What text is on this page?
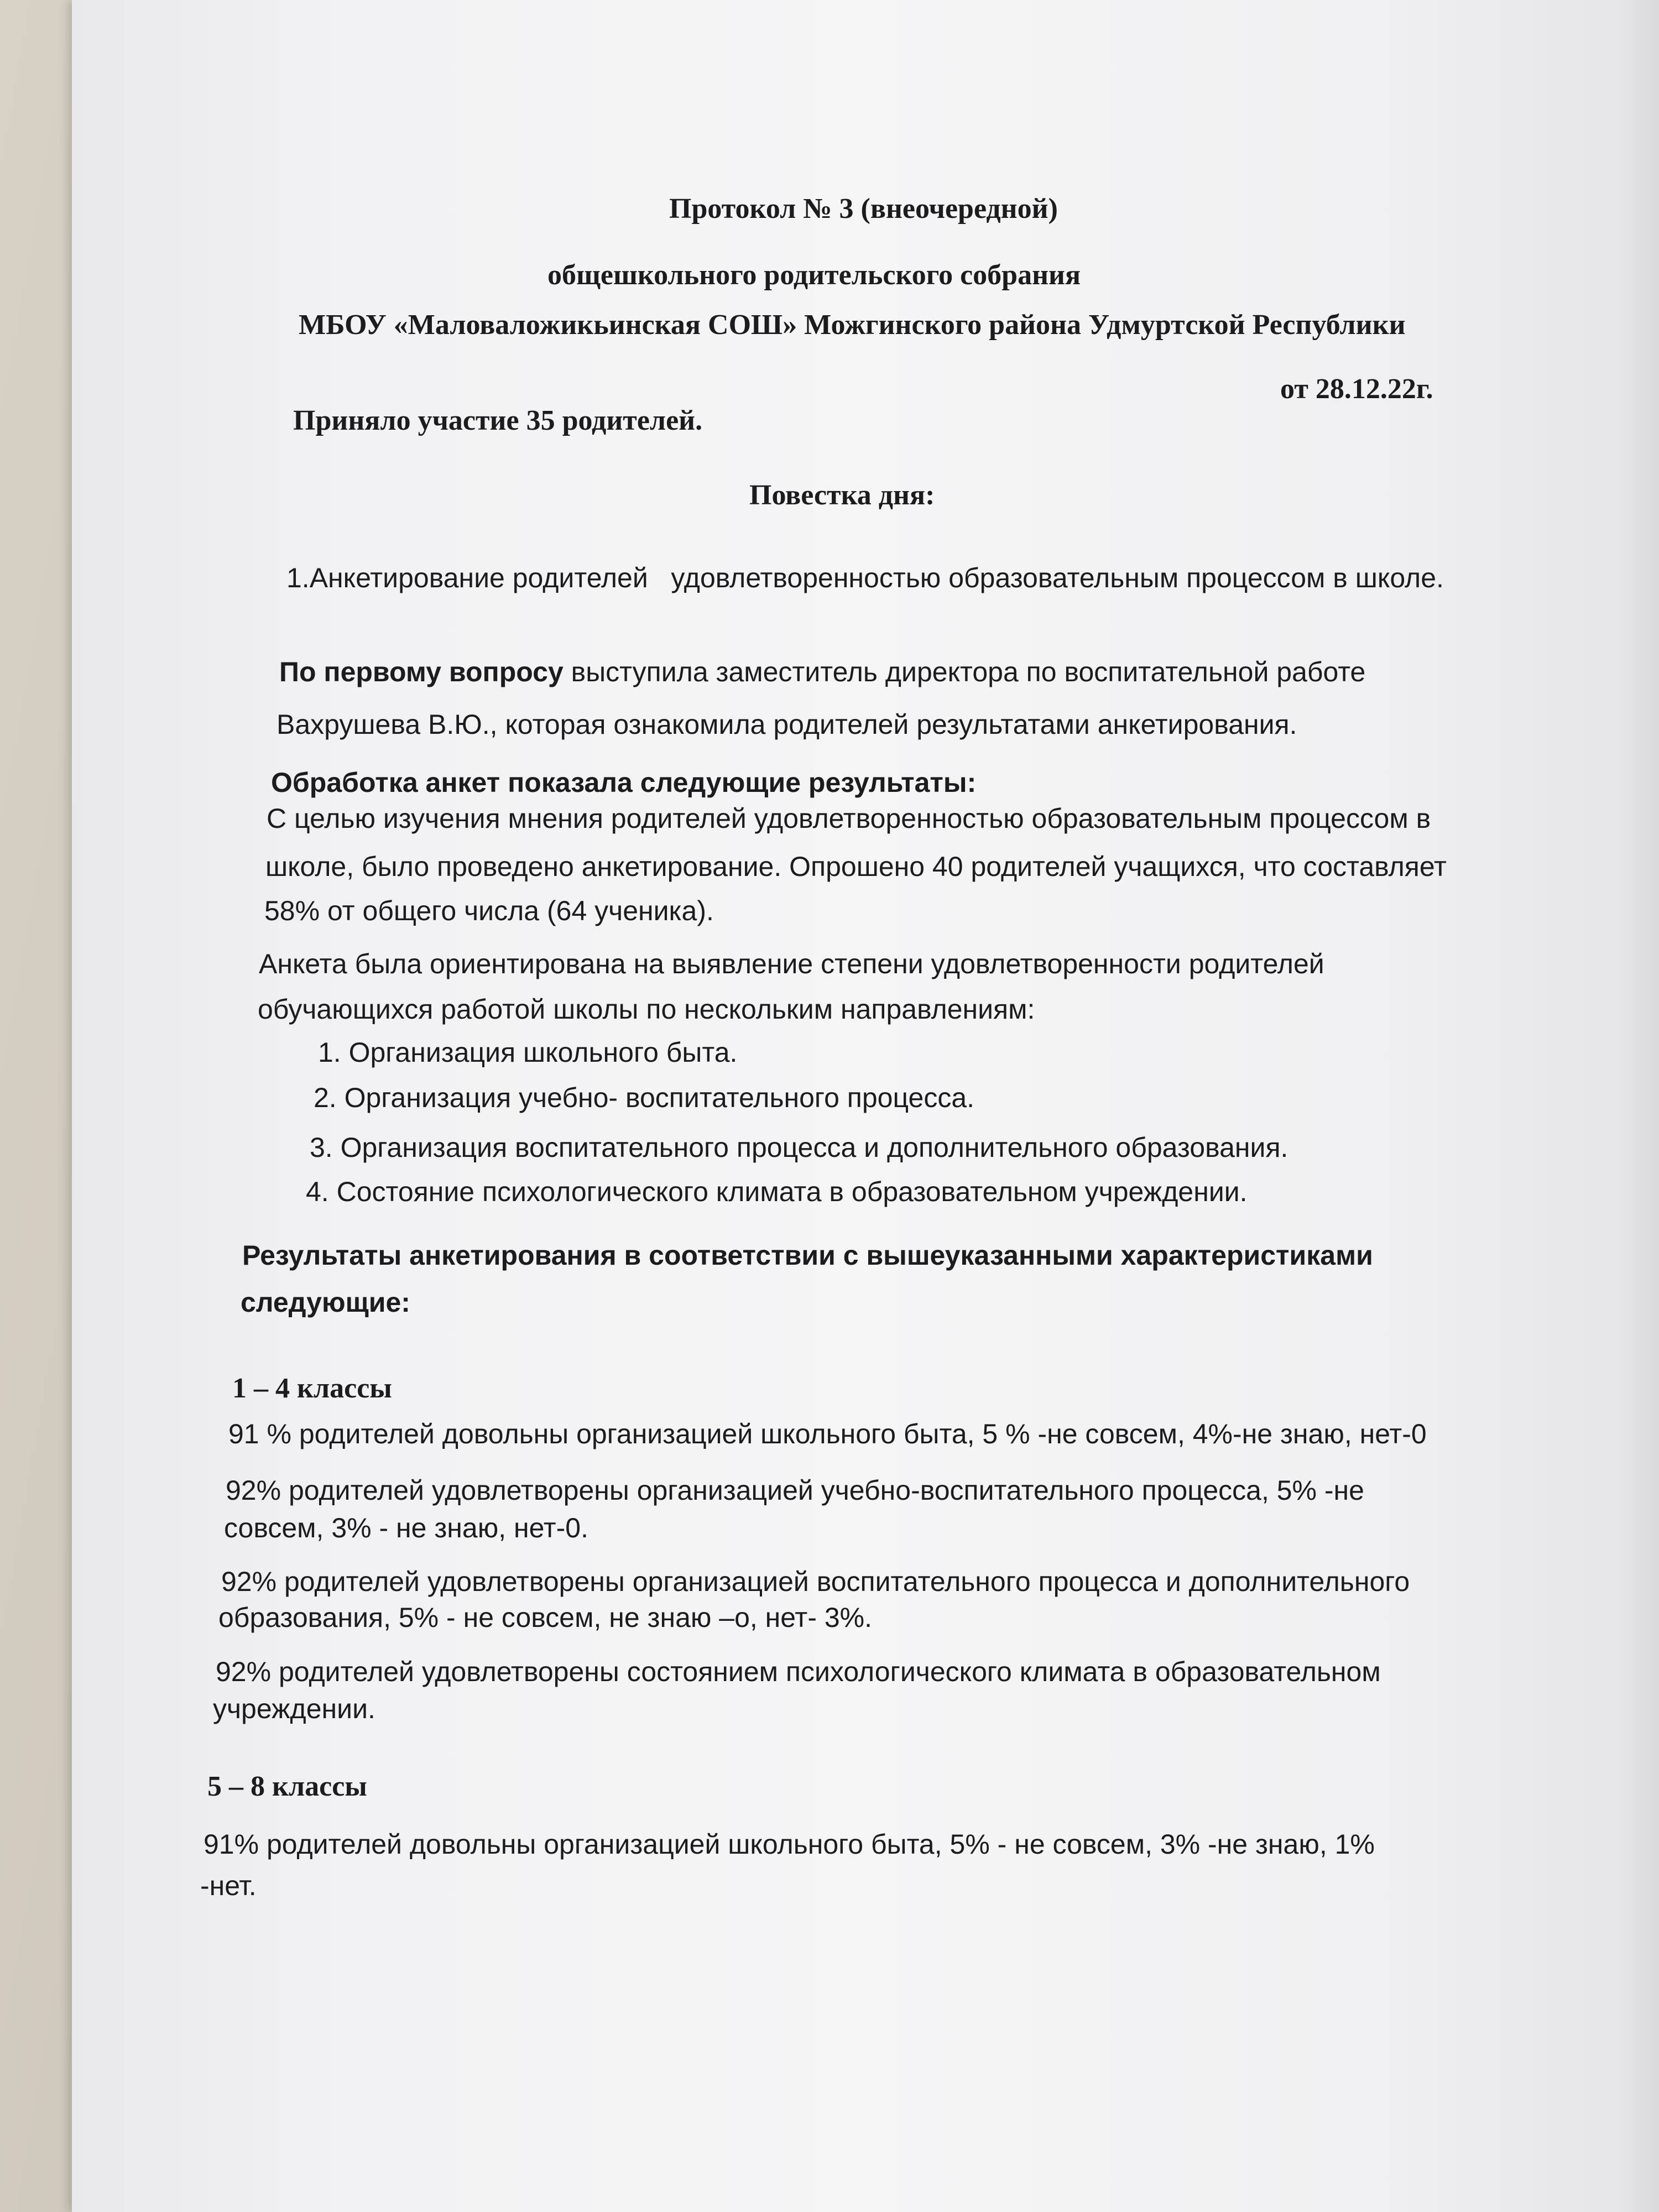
Протокол № 3 (внеочередной)
общешкольного родительского собрания
МБОУ «Маловаложикьинская СОШ» Можгинского района Удмуртской Республики
от 28.12.22г.
Приняло участие 35 родителей.
Повестка дня:
1.Анкетирование родителей   удовлетворенностью образовательным процессом в школе.
По первому вопросу выступила заместитель директора по воспитательной работе
Вахрушева В.Ю., которая ознакомила родителей результатами анкетирования.
Обработка анкет показала следующие результаты:
С целью изучения мнения родителей удовлетворенностью образовательным процессом в
школе, было проведено анкетирование. Опрошено 40 родителей учащихся, что составляет
58% от общего числа (64 ученика).
Анкета была ориентирована на выявление степени удовлетворенности родителей
обучающихся работой школы по нескольким направлениям:
1. Организация школьного быта.
2. Организация учебно- воспитательного процесса.
3. Организация воспитательного процесса и дополнительного образования.
4. Состояние психологического климата в образовательном учреждении.
Результаты анкетирования в соответствии с вышеуказанными характеристиками
следующие:
1 – 4 классы
91 % родителей довольны организацией школьного быта, 5 % -не совсем, 4%-не знаю, нет-0
92% родителей удовлетворены организацией учебно-воспитательного процесса, 5% -не
совсем, 3% - не знаю, нет-0.
92% родителей удовлетворены организацией воспитательного процесса и дополнительного
образования, 5% - не совсем, не знаю –о, нет- 3%.
92% родителей удовлетворены состоянием психологического климата в образовательном
учреждении.
5 – 8 классы
91% родителей довольны организацией школьного быта, 5% - не совсем, 3% -не знаю, 1%
-нет.
